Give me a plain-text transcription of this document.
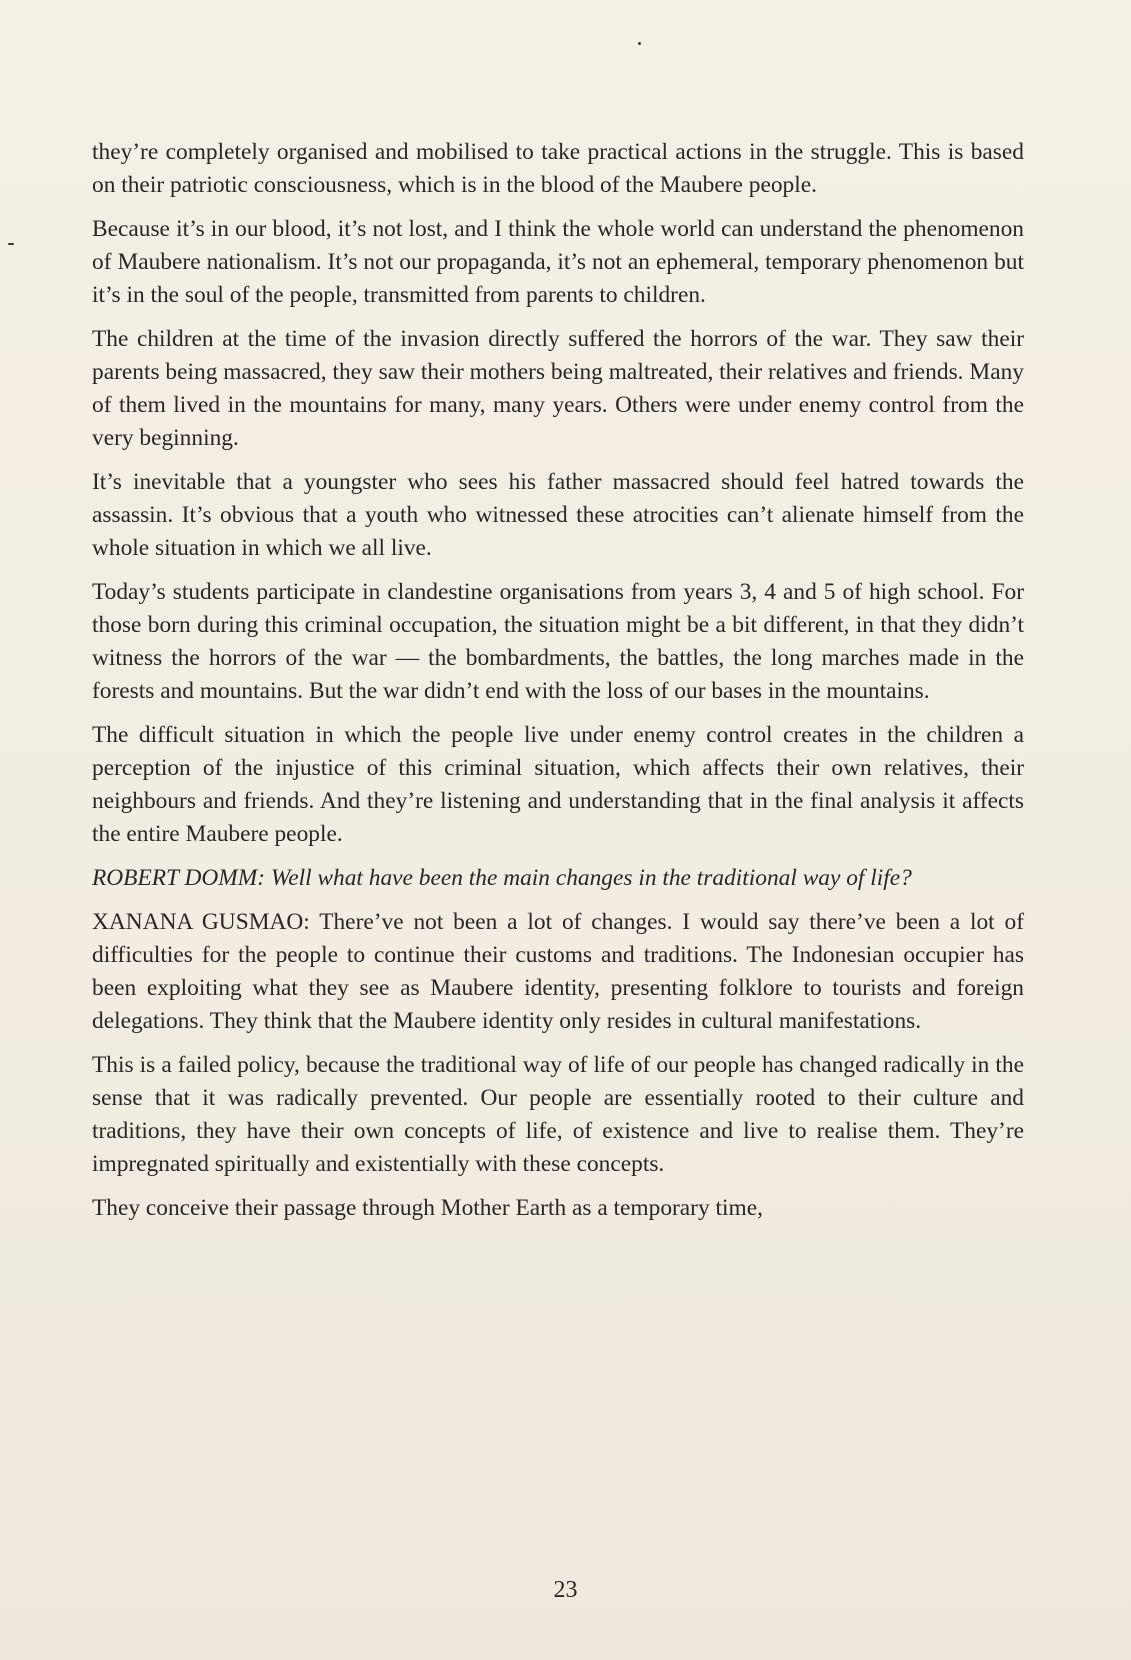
they’re completely organised and mobilised to take practical actions in the struggle. This is based on their patriotic consciousness, which is in the blood of the Maubere people.

Because it’s in our blood, it’s not lost, and I think the whole world can understand the phenomenon of Maubere nationalism. It’s not our propaganda, it’s not an ephemeral, temporary phenomenon but it’s in the soul of the people, transmitted from parents to children.

The children at the time of the invasion directly suffered the horrors of the war. They saw their parents being massacred, they saw their mothers being maltreated, their relatives and friends. Many of them lived in the mountains for many, many years. Others were under enemy control from the very beginning.

It’s inevitable that a youngster who sees his father massacred should feel hatred towards the assassin. It’s obvious that a youth who witnessed these atrocities can’t alienate himself from the whole situation in which we all live.

Today’s students participate in clandestine organisations from years 3, 4 and 5 of high school. For those born during this criminal occupation, the situation might be a bit different, in that they didn’t witness the horrors of the war — the bombardments, the battles, the long marches made in the forests and mountains. But the war didn’t end with the loss of our bases in the mountains.

The difficult situation in which the people live under enemy control creates in the children a perception of the injustice of this criminal situation, which affects their own relatives, their neighbours and friends. And they’re listening and understanding that in the final analysis it affects the entire Maubere people.

ROBERT DOMM: Well what have been the main changes in the traditional way of life?

XANANA GUSMAO: There’ve not been a lot of changes. I would say there’ve been a lot of difficulties for the people to continue their customs and traditions. The Indonesian occupier has been exploiting what they see as Maubere identity, presenting folklore to tourists and foreign delegations. They think that the Maubere identity only resides in cultural manifestations.

This is a failed policy, because the traditional way of life of our people has changed radically in the sense that it was radically prevented. Our people are essentially rooted to their culture and traditions, they have their own concepts of life, of existence and live to realise them. They’re impregnated spiritually and existentially with these concepts.

They conceive their passage through Mother Earth as a temporary time,

23
